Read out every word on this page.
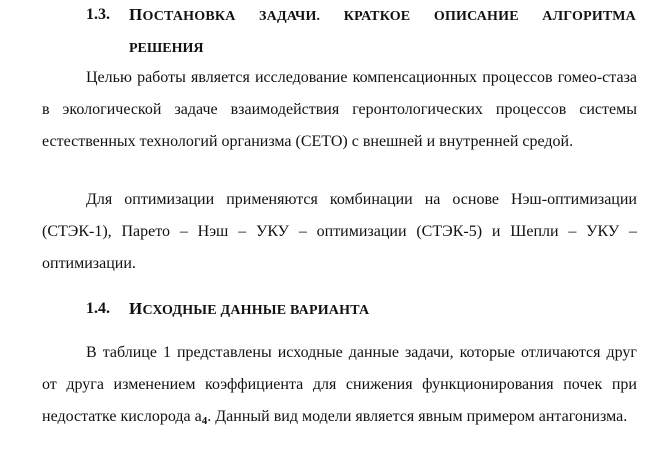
1.3. ПОСТАНОВКА ЗАДАЧИ. КРАТКОЕ ОПИСАНИЕ АЛГОРИТМА
РЕШЕНИЯ

Целью работы является исследование компенсационных процессов гомео-стаза в экологической задаче взаимодействия геронтологических процессов системы естественных технологий организма (СЕТО) с внешней и внутренней средой.

Для оптимизации применяются комбинации на основе Нэш-оптимизации (СТЭК-1), Парето – Нэш – УКУ – оптимизации (СТЭК-5) и Шепли – УКУ – оптимизации.

1.4. ИСХОДНЫЕ ДАННЫЕ ВАРИАНТА

В таблице 1 представлены исходные данные задачи, которые отличаются друг от друга изменением коэффициента для снижения функционирования почек при недостатке кислорода $a_4$. Данный вид модели является явным примером антагонизма.
